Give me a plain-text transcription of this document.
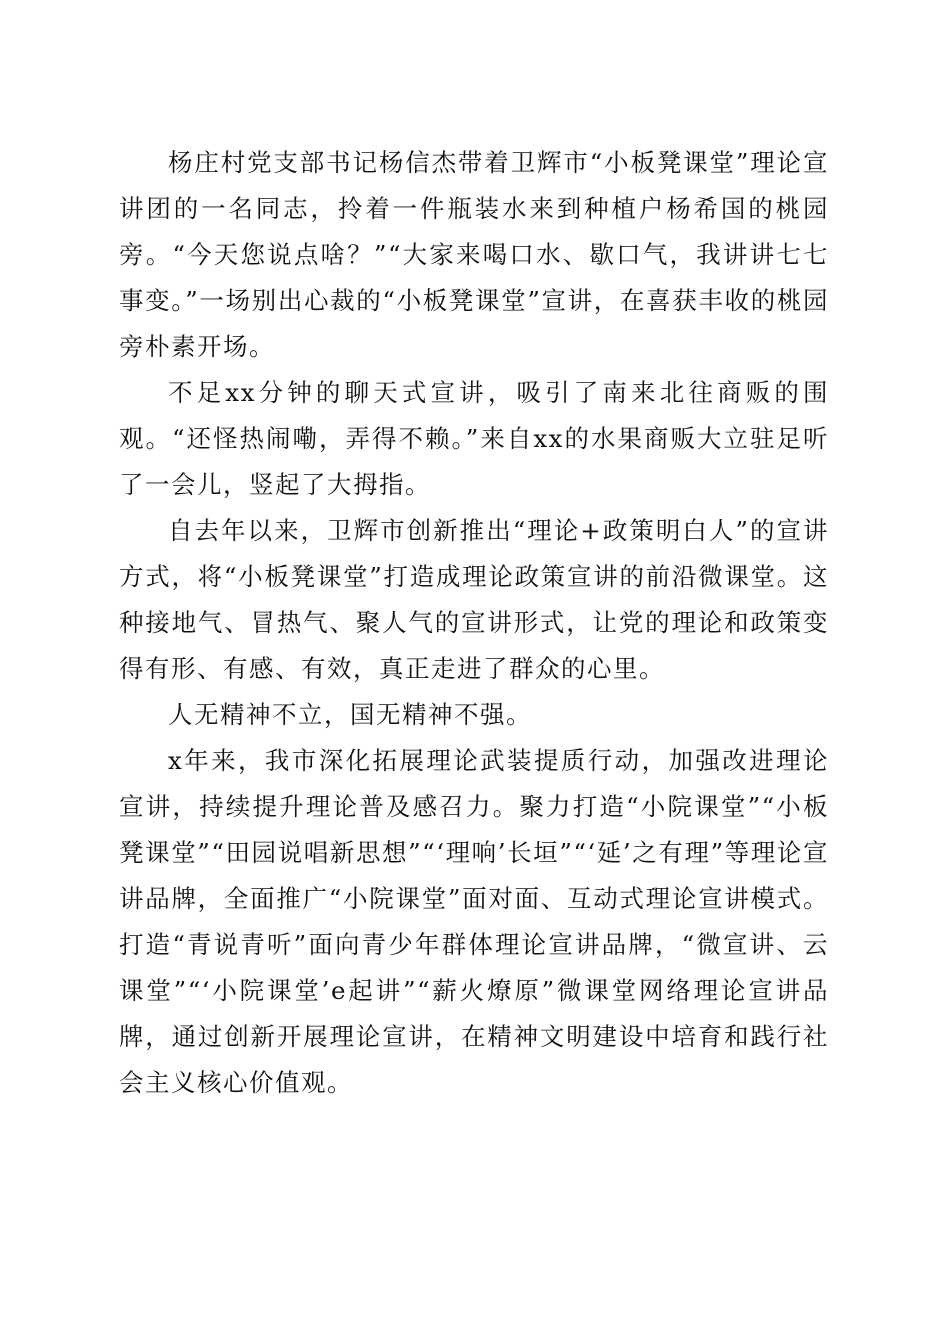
杨庄村党支部书记杨信杰带着卫辉市“小板凳课堂”理论宣讲团的一名同志，拎着一件瓶装水来到种植户杨希国的桃园旁。“今天您说点啥？”“大家来喝口水、歇口气，我讲讲七七事变。”一场别出心裁的“小板凳课堂”宣讲，在喜获丰收的桃园旁朴素开场。

不足xx分钟的聊天式宣讲，吸引了南来北往商贩的围观。“还怪热闹嘞，弄得不赖。”来自xx的水果商贩大立驻足听了一会儿，竖起了大拇指。

自去年以来，卫辉市创新推出“理论+政策明白人”的宣讲方式，将“小板凳课堂”打造成理论政策宣讲的前沿微课堂。这种接地气、冒热气、聚人气的宣讲形式，让党的理论和政策变得有形、有感、有效，真正走进了群众的心里。

人无精神不立，国无精神不强。

x年来，我市深化拓展理论武装提质行动，加强改进理论宣讲，持续提升理论普及感召力。聚力打造“小院课堂”“小板凳课堂”“田园说唱新思想”“‘理响’长垣”“‘延’之有理”等理论宣讲品牌，全面推广“小院课堂”面对面、互动式理论宣讲模式。打造“青说青听”面向青少年群体理论宣讲品牌，“微宣讲、云课堂”“‘小院课堂’e起讲”“薪火燎原”微课堂网络理论宣讲品牌，通过创新开展理论宣讲，在精神文明建设中培育和践行社会主义核心价值观。
